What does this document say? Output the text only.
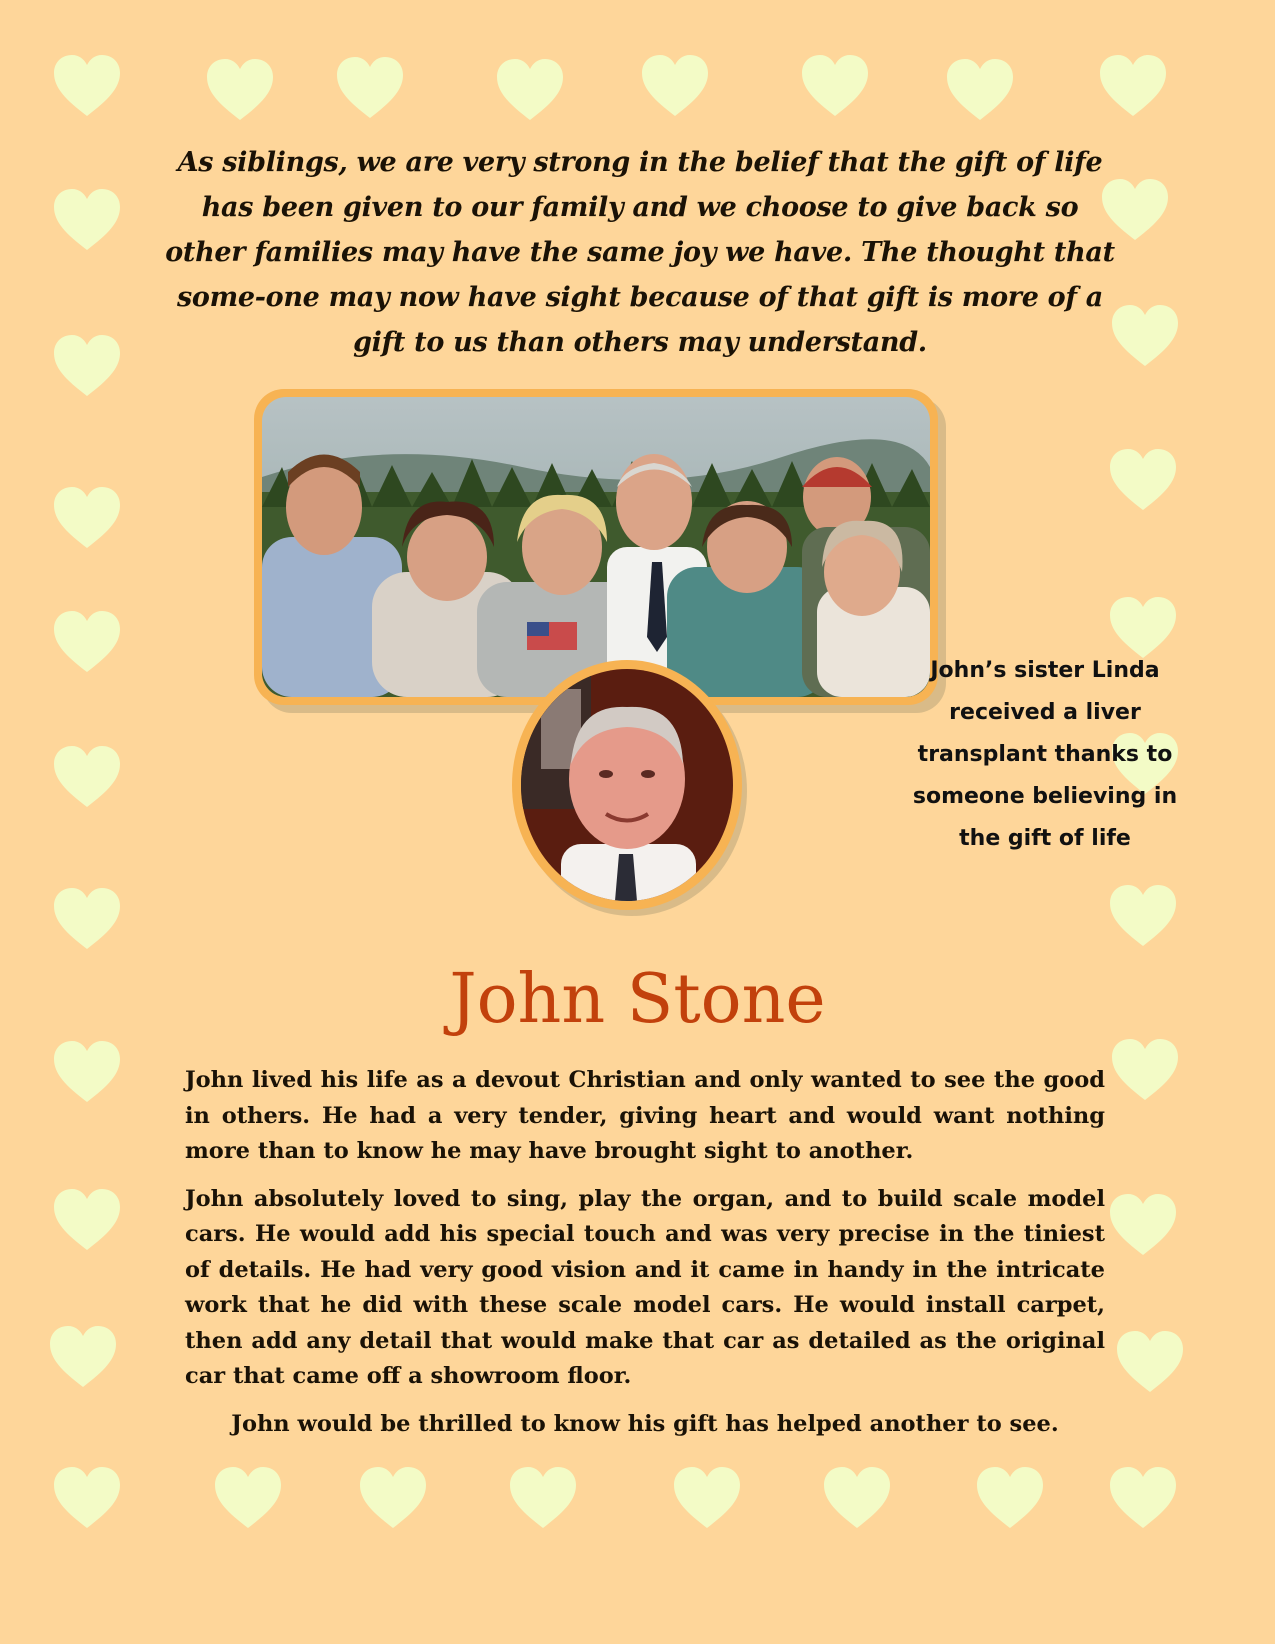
As siblings, we are very strong in the belief that the gift of life has been given to our family and we choose to give back so other families may have the same joy we have. The thought that some-one may now have sight because of that gift is more of a gift to us than others may understand.
John’s sister Linda received a liver transplant thanks to someone believing in the gift of life
John Stone

John lived his life as a devout Christian and only wanted to see the good in others. He had a very tender, giving heart and would want nothing more than to know he may have brought sight to another.

John absolutely loved to sing, play the organ, and to build scale model cars. He would add his special touch and was very precise in the tiniest of details. He had very good vision and it came in handy in the intricate work that he did with these scale model cars. He would install carpet, then add any detail that would make that car as detailed as the original car that came off a showroom floor.

John would be thrilled to know his gift has helped another to see.
